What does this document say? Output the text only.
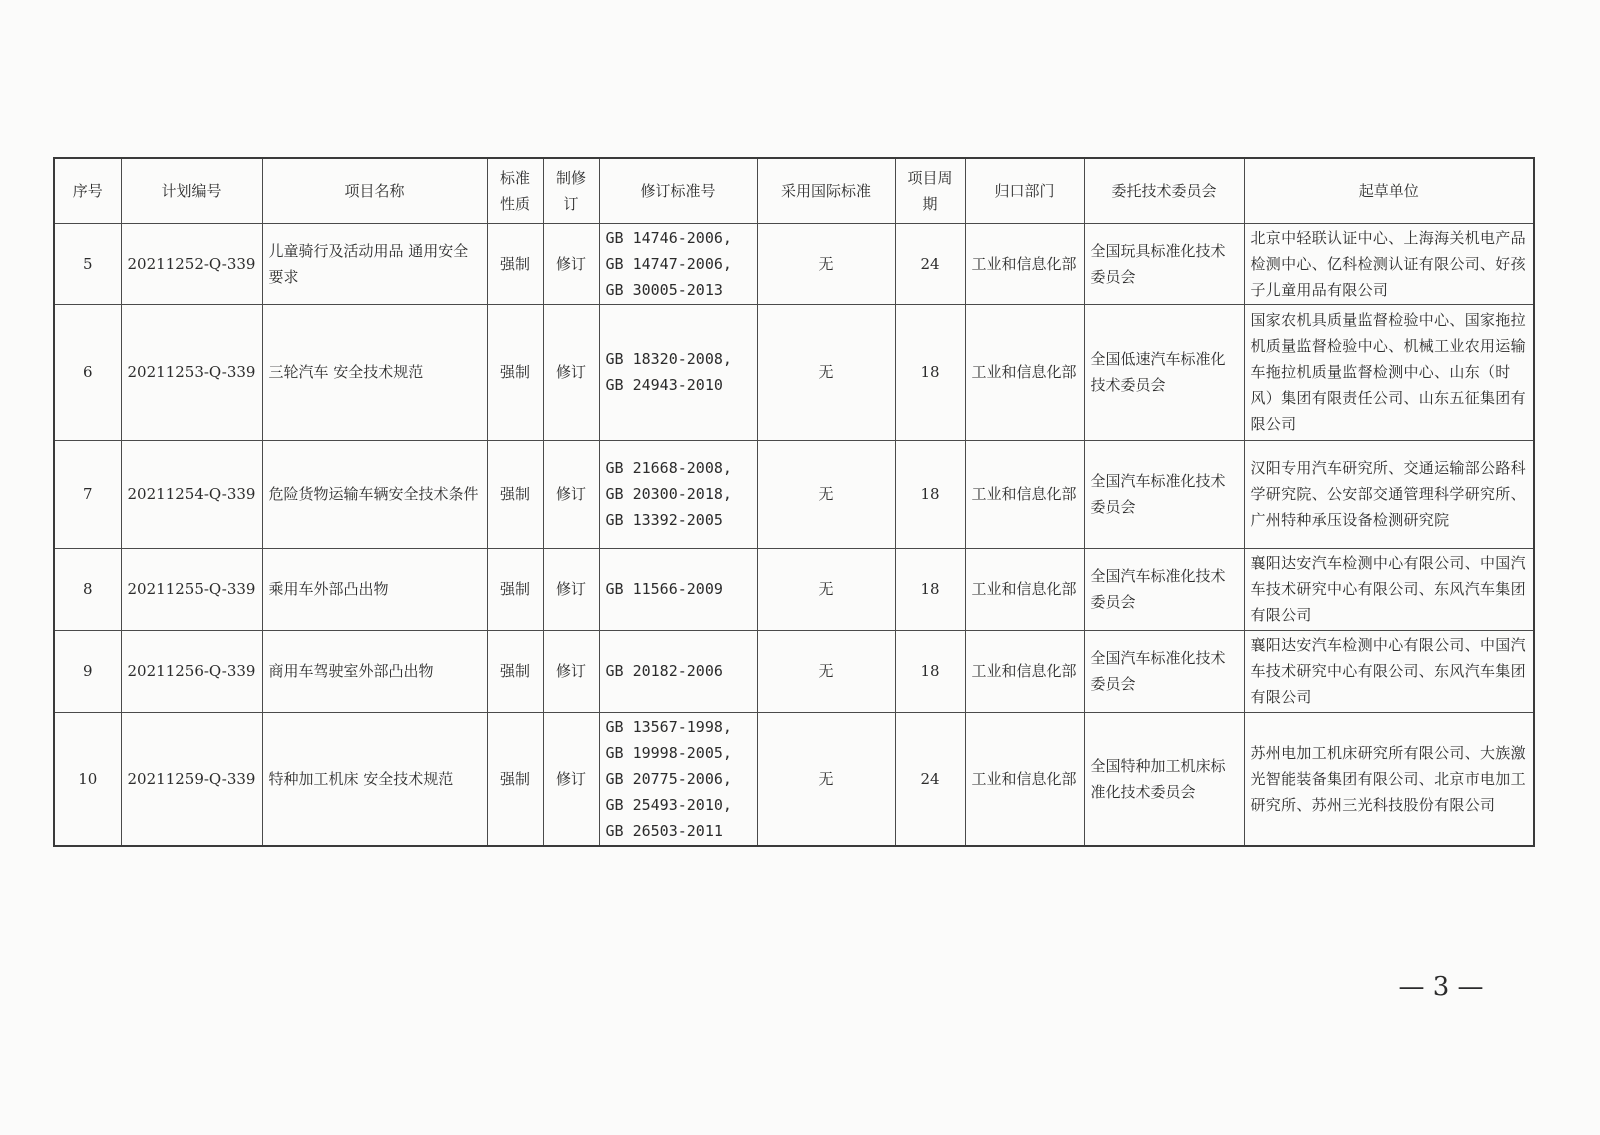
序号	计划编号	项目名称	标准性质	制修订	修订标准号	采用国际标准	项目周期	归口部门	委托技术委员会	起草单位
5	20211252-Q-339	儿童骑行及活动用品 通用安全要求	强制	修订	GB 14746-2006,
GB 14747-2006,
GB 30005-2013	无	24	工业和信息化部	全国玩具标准化技术委员会	北京中轻联认证中心、上海海关机电产品检测中心、亿科检测认证有限公司、好孩子儿童用品有限公司
6	20211253-Q-339	三轮汽车 安全技术规范	强制	修订	GB 18320-2008,
GB 24943-2010	无	18	工业和信息化部	全国低速汽车标准化技术委员会	国家农机具质量监督检验中心、国家拖拉机质量监督检验中心、机械工业农用运输车拖拉机质量监督检测中心、山东（时风）集团有限责任公司、山东五征集团有限公司
7	20211254-Q-339	危险货物运输车辆安全技术条件	强制	修订	GB 21668-2008,
GB 20300-2018,
GB 13392-2005	无	18	工业和信息化部	全国汽车标准化技术委员会	汉阳专用汽车研究所、交通运输部公路科学研究院、公安部交通管理科学研究所、广州特种承压设备检测研究院
8	20211255-Q-339	乘用车外部凸出物	强制	修订	GB 11566-2009	无	18	工业和信息化部	全国汽车标准化技术委员会	襄阳达安汽车检测中心有限公司、中国汽车技术研究中心有限公司、东风汽车集团有限公司
9	20211256-Q-339	商用车驾驶室外部凸出物	强制	修订	GB 20182-2006	无	18	工业和信息化部	全国汽车标准化技术委员会	襄阳达安汽车检测中心有限公司、中国汽车技术研究中心有限公司、东风汽车集团有限公司
10	20211259-Q-339	特种加工机床 安全技术规范	强制	修订	GB 13567-1998,
GB 19998-2005,
GB 20775-2006,
GB 25493-2010,
GB 26503-2011	无	24	工业和信息化部	全国特种加工机床标准化技术委员会	苏州电加工机床研究所有限公司、大族激光智能装备集团有限公司、北京市电加工研究所、苏州三光科技股份有限公司
— 3 —
